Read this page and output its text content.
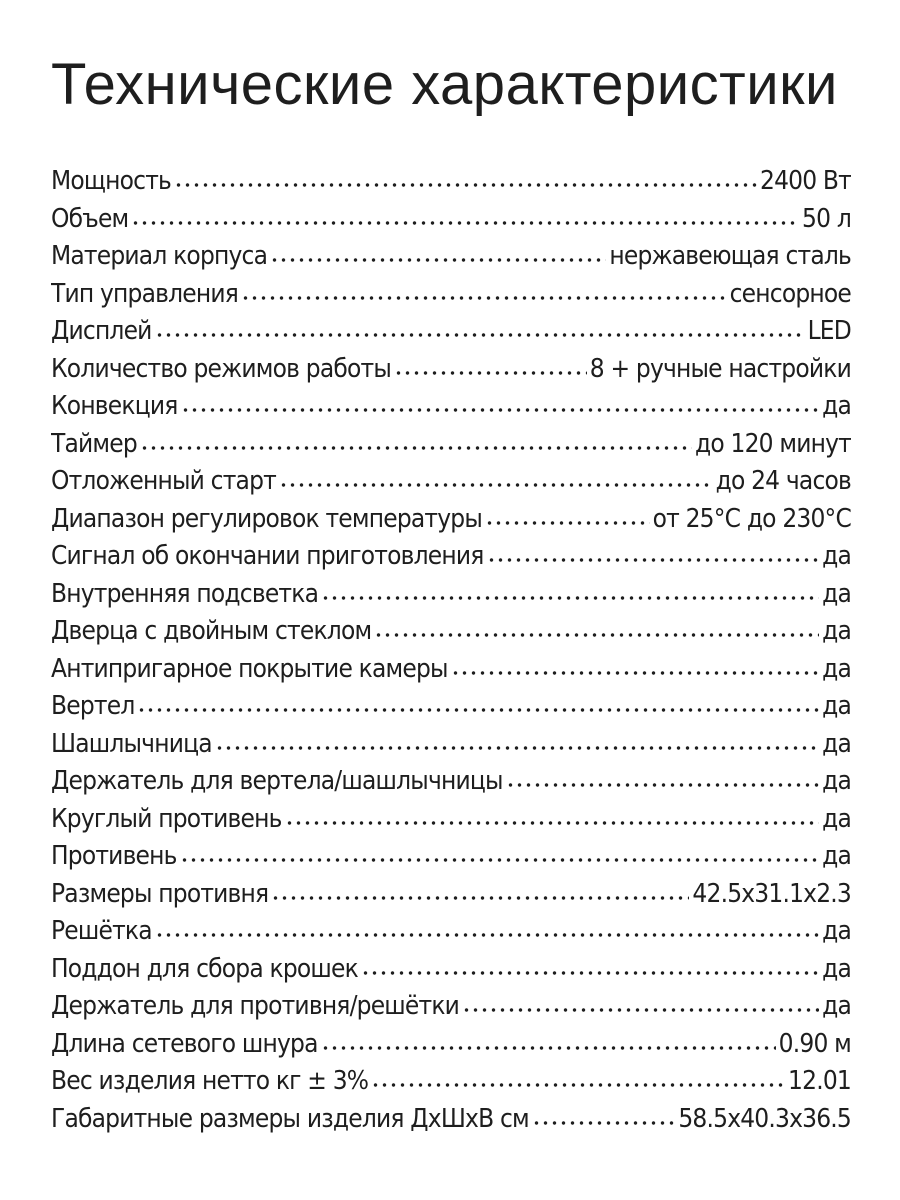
Технические характеристики
Мощность	2400 Вт
Объем	50 л
Материал корпуса	нержавеющая сталь
Тип управления	сенсорное
Дисплей	LED
Количество режимов работы	8 + ручные настройки
Конвекция	да
Таймер	до 120 минут
Отложенный старт	до 24 часов
Диапазон регулировок температуры	от 25°С до 230°С
Сигнал об окончании приготовления	да
Внутренняя подсветка	да
Дверца с двойным стеклом	да
Антипригарное покрытие камеры	да
Вертел	да
Шашлычница	да
Держатель для вертела/шашлычницы	да
Круглый противень	да
Противень	да
Размеры противня	42.5x31.1x2.3
Решётка	да
Поддон для сбора крошек	да
Держатель для противня/решётки	да
Длина сетевого шнура	0.90 м
Вес изделия нетто кг ± 3%	12.01
Габаритные размеры изделия ДхШхВ см	58.5x40.3x36.5
